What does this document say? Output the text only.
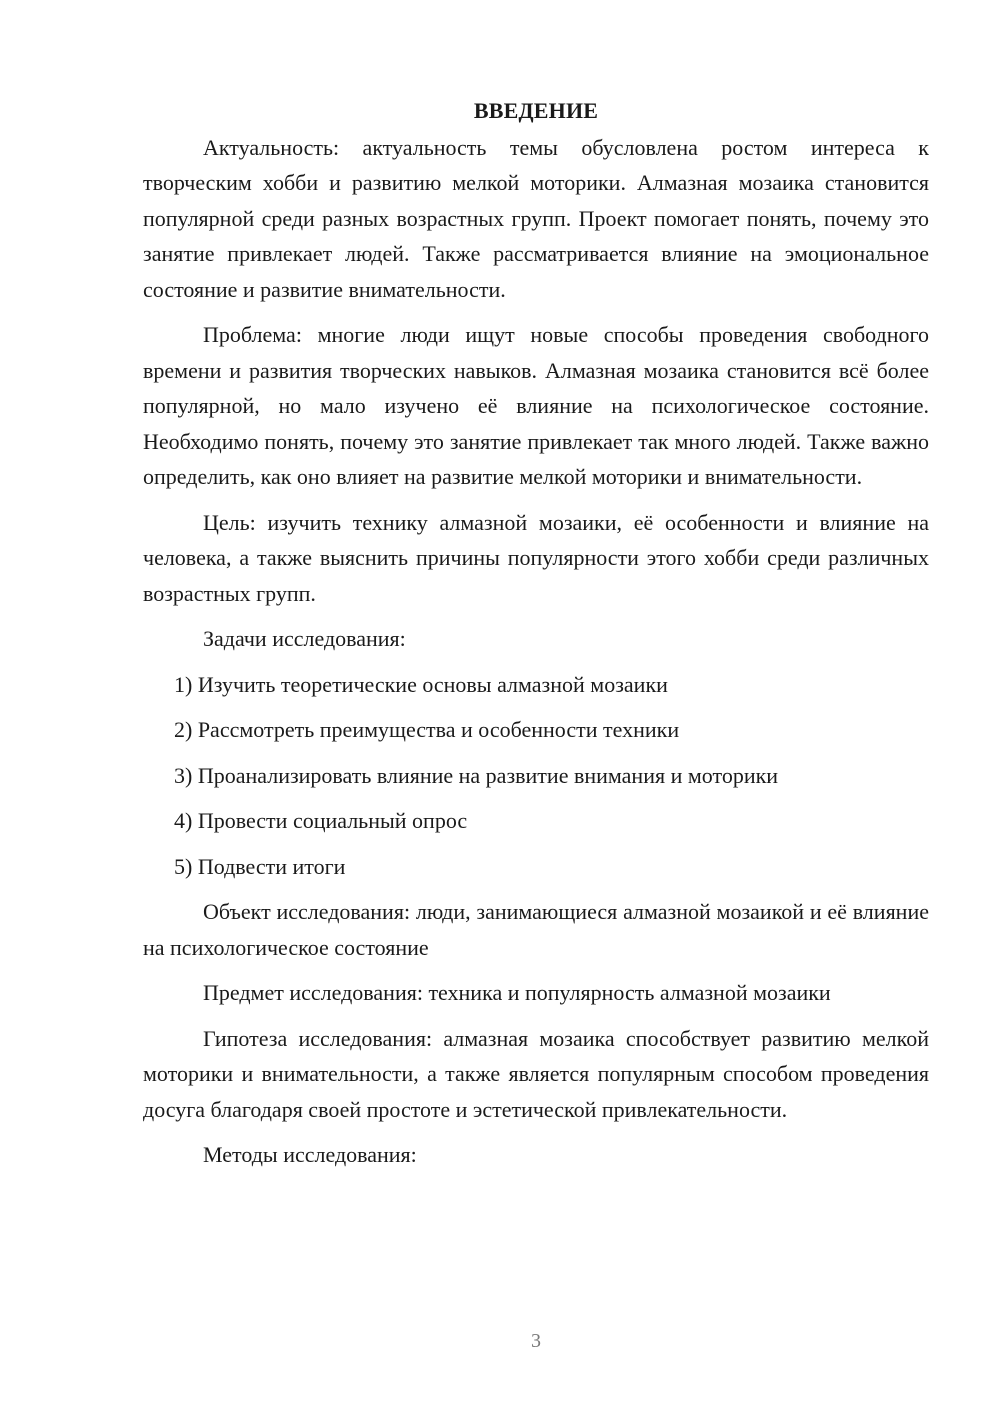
ВВЕДЕНИЕ

Актуальность: актуальность темы обусловлена ростом интереса к творческим хобби и развитию мелкой моторики. Алмазная мозаика становится популярной среди разных возрастных групп. Проект помогает понять, почему это занятие привлекает людей. Также рассматривается влияние на эмоциональное состояние и развитие внимательности.

Проблема: многие люди ищут новые способы проведения свободного времени и развития творческих навыков. Алмазная мозаика становится всё более популярной, но мало изучено её влияние на психологическое состояние. Необходимо понять, почему это занятие привлекает так много людей. Также важно определить, как оно влияет на развитие мелкой моторики и внимательности.

Цель: изучить технику алмазной мозаики, её особенности и влияние на человека, а также выяснить причины популярности этого хобби среди различных возрастных групп.

Задачи исследования:

1) Изучить теоретические основы алмазной мозаики

2) Рассмотреть преимущества и особенности техники

3) Проанализировать влияние на развитие внимания и моторики

4) Провести социальный опрос

5) Подвести итоги

Объект исследования: люди, занимающиеся алмазной мозаикой и её влияние на психологическое состояние

Предмет исследования: техника и популярность алмазной мозаики

Гипотеза исследования: алмазная мозаика способствует развитию мелкой моторики и внимательности, а также является популярным способом проведения досуга благодаря своей простоте и эстетической привлекательности.

Методы исследования:

3
